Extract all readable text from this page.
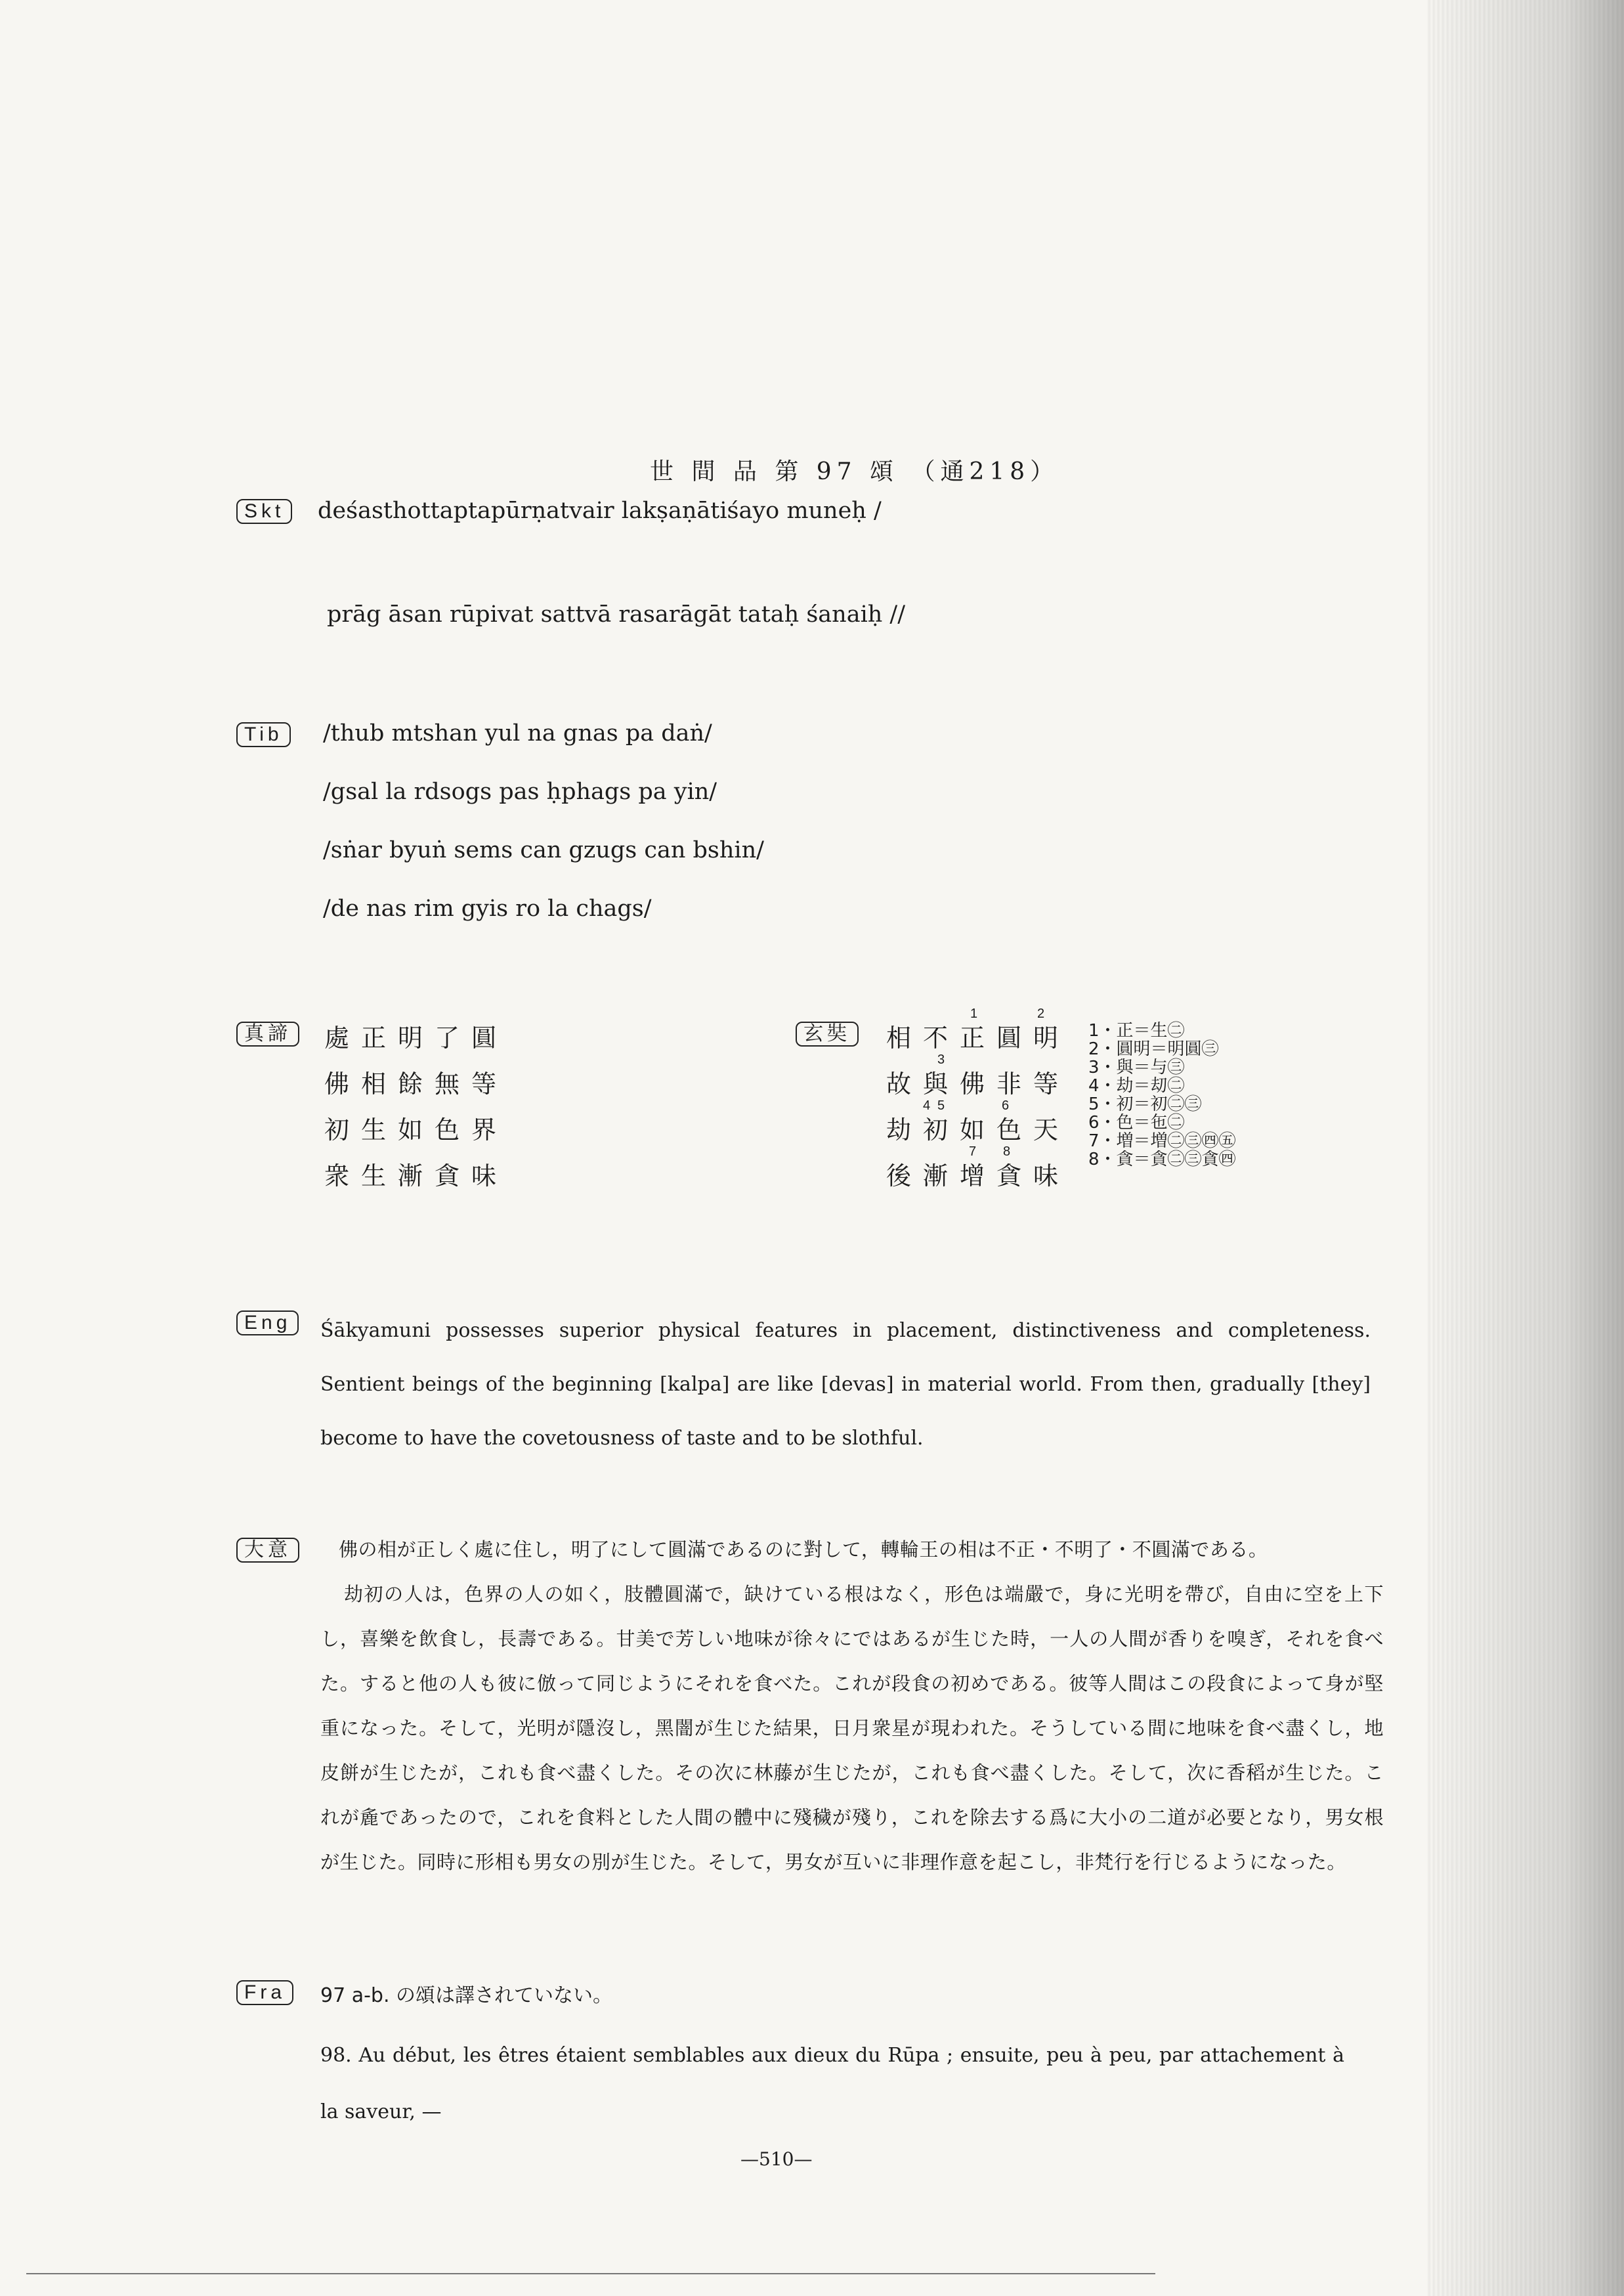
世 間 品 第 97 頌 （通218）
Skt	deśasthottaptapūrṇatvair lakṣaṇātiśayo muneḥ /
prāg āsan rūpivat sattvā rasarāgāt tataḥ śanaiḥ //
Tib	/thub mtshan yul na gnas pa daṅ/
/gsal la rdsogs pas ḥphags pa yin/
/sṅar byuṅ sems can gzugs can bshin/
/de nas rim gyis ro la chags/
真諦	處正明了圓
佛相餘無等
初生如色界
衆生漸貪味
玄奘	相不正圓明
故與佛非等
劫初如色天
後漸增貪味
1	2
3
4 5	6
7 8
1・正＝生㊁
2・圓明＝明圓㊂
3・與＝与㊂
4・劫＝刧㊁
5・初＝初㊁㊂
6・色＝㐌㊁
7・増＝増㊁㊂㊃㊄
8・貪＝貪㊁㊂貪㊃
Eng	Śākyamuni possesses superior physical features in placement, distinctiveness and completeness. Sentient beings of the beginning [kalpa] are like [devas] in material world. From then, gradually [they] become to have the covetousness of taste and to be slothful.
大意	佛の相が正しく處に住し，明了にして圓滿であるのに對して，轉輪王の相は不正・不明了・不圓滿である。
劫初の人は，色界の人の如く，肢體圓滿で，缺けている根はなく，形色は端嚴で，身に光明を帶び，自由に空を上下し，喜樂を飲食し，長壽である。甘美で芳しい地味が徐々にではあるが生じた時，一人の人間が香りを嗅ぎ，それを食べた。すると他の人も彼に倣って同じようにそれを食べた。これが段食の初めである。彼等人間はこの段食によって身が堅重になった。そして，光明が隱沒し，黑闇が生じた結果，日月衆星が現われた。そうしている間に地味を食べ盡くし，地皮餅が生じたが，これも食べ盡くした。その次に林藤が生じたが，これも食べ盡くした。そして，次に香稻が生じた。これが麁であったので，これを食料とした人間の體中に殘穢が殘り，これを除去する爲に大小の二道が必要となり，男女根が生じた。同時に形相も男女の別が生じた。そして，男女が互いに非理作意を起こし，非梵行を行じるようになった。
Fra	97 a-b. の頌は譯されていない。
98. Au début, les êtres étaient semblables aux dieux du Rūpa ; ensuite, peu à peu, par attachement à la saveur, —
—510—
